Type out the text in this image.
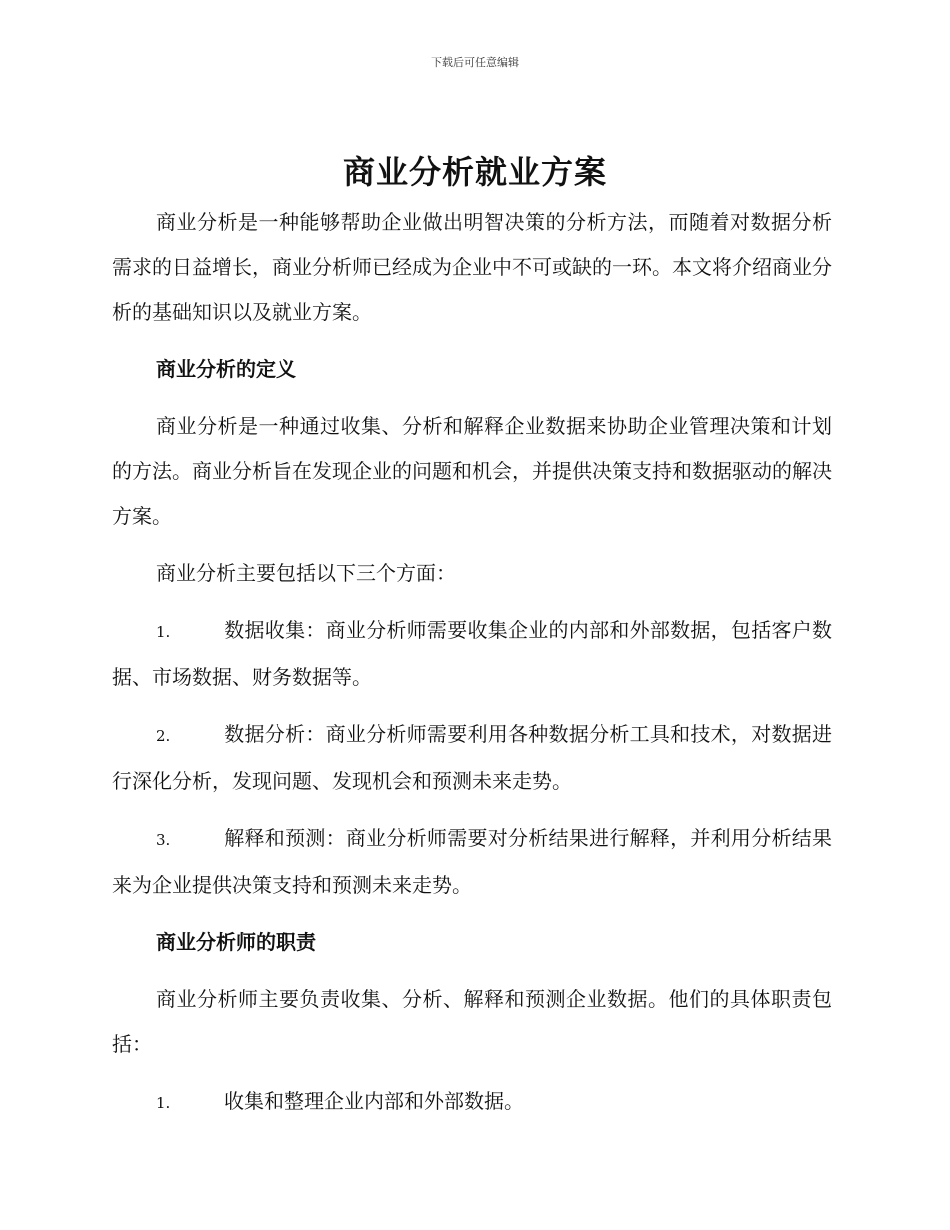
下载后可任意编辑
商业分析就业方案

商业分析是一种能够帮助企业做出明智决策的分析方法，而随着对数据分析需求的日益增长，商业分析师已经成为企业中不可或缺的一环。本文将介绍商业分析的基础知识以及就业方案。

商业分析的定义

商业分析是一种通过收集、分析和解释企业数据来协助企业管理决策和计划的方法。商业分析旨在发现企业的问题和机会，并提供决策支持和数据驱动的解决方案。

商业分析主要包括以下三个方面：

1.	数据收集：商业分析师需要收集企业的内部和外部数据，包括客户数据、市场数据、财务数据等。

2.	数据分析：商业分析师需要利用各种数据分析工具和技术，对数据进行深化分析，发现问题、发现机会和预测未来走势。

3.	解释和预测：商业分析师需要对分析结果进行解释，并利用分析结果来为企业提供决策支持和预测未来走势。

商业分析师的职责

商业分析师主要负责收集、分析、解释和预测企业数据。他们的具体职责包括：

1.	收集和整理企业内部和外部数据。
